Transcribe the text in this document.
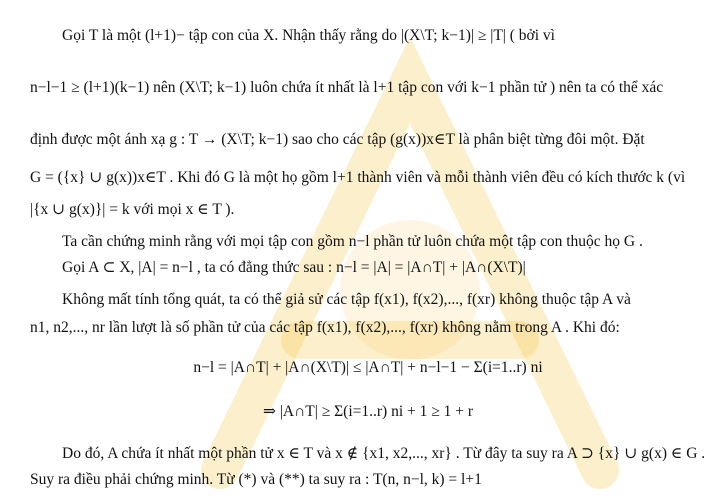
Gọi T là một (l+1)− tập con của X. Nhận thấy rằng do |(X\T; k−1)| ≥ |T| ( bởi vì
n−l−1 ≥ (l+1)(k−1) nên (X\T; k−1) luôn chứa ít nhất là l+1 tập con với k−1 phần tử ) nên ta có thể xác
định được một ánh xạ g : T → (X\T; k−1) sao cho các tập (g(x))x∈T là phân biệt từng đôi một. Đặt
G = ({x} ∪ g(x))x∈T . Khi đó G là một họ gồm l+1 thành viên và mỗi thành viên đều có kích thước k (vì
|{x ∪ g(x)}| = k với mọi x ∈ T ).
Ta cần chứng minh rằng với mọi tập con gồm n−l phần tử luôn chứa một tập con thuộc họ G .
Gọi A ⊂ X, |A| = n−l , ta có đẳng thức sau : n−l = |A| = |A∩T| + |A∩(X\T)|
Không mất tính tổng quát, ta có thể giả sử các tập f(x1), f(x2),..., f(xr) không thuộc tập A và
n1, n2,..., nr lần lượt là số phần tử của các tập f(x1), f(x2),..., f(xr) không nằm trong A . Khi đó:
n−l = |A∩T| + |A∩(X\T)| ≤ |A∩T| + n−l−1 − Σ(i=1..r) ni
⇒ |A∩T| ≥ Σ(i=1..r) ni + 1 ≥ 1 + r
Do đó, A chứa ít nhất một phần tử x ∈ T và x ∉ {x1, x2,..., xr} . Từ đây ta suy ra A ⊃ {x} ∪ g(x) ∈ G .
Suy ra điều phải chứng minh. Từ (*) và (**) ta suy ra : T(n, n−l, k) = l+1
